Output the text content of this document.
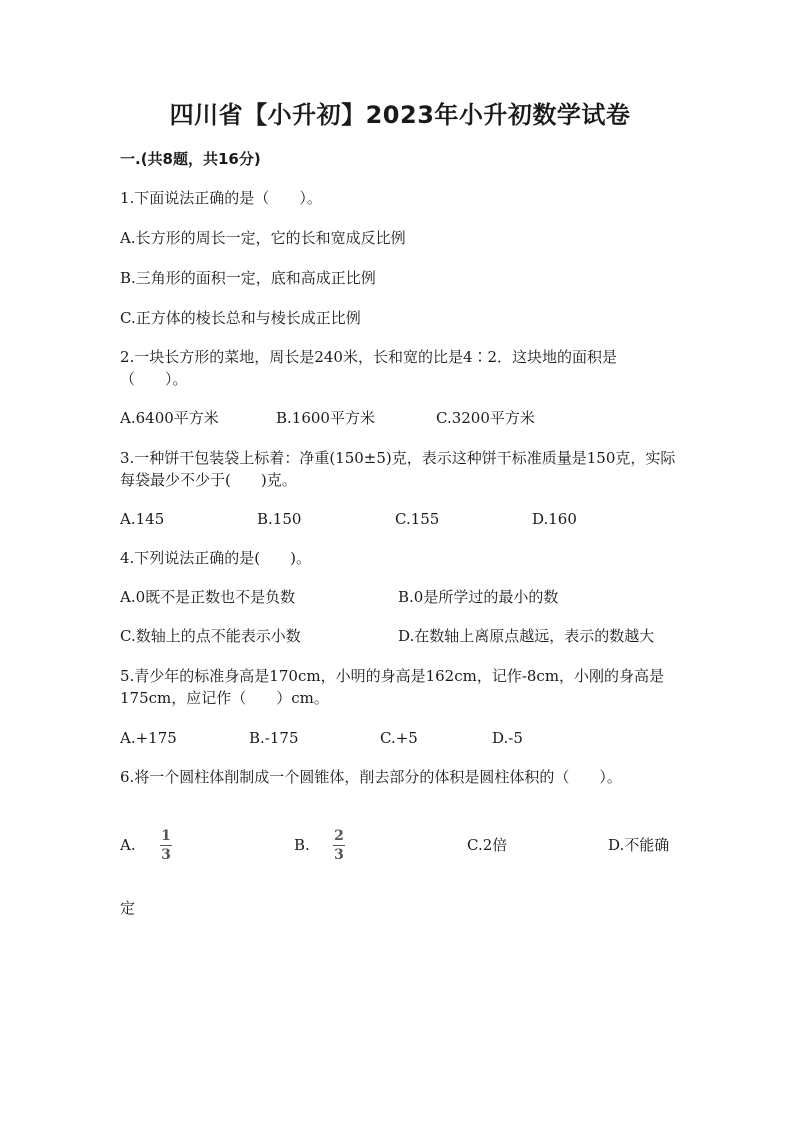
四川省【小升初】2023年小升初数学试卷
一.(共8题，共16分)
1.下面说法正确的是（　　）。
A.长方形的周长一定，它的长和宽成反比例
B.三角形的面积一定，底和高成正比例
C.正方体的棱长总和与棱长成正比例
2.一块长方形的菜地，周长是240米，长和宽的比是4∶2．这块地的面积是（　　）。
A.6400平方米	B.1600平方米	C.3200平方米
3.一种饼干包装袋上标着：净重(150±5)克，表示这种饼干标准质量是150克，实际每袋最少不少于(　　)克。
A.145	B.150	C.155	D.160
4.下列说法正确的是(　　)。
A.0既不是正数也不是负数	B.0是所学过的最小的数
C.数轴上的点不能表示小数	D.在数轴上离原点越远，表示的数越大
5.青少年的标准身高是170cm，小明的身高是162cm，记作-8cm，小刚的身高是175cm，应记作（　　）cm。
A.+175	B.-175	C.+5	D.-5
6.将一个圆柱体削制成一个圆锥体，削去部分的体积是圆柱体积的（　　）。
A. 1
3
B. 2
3
C.2倍	D.不能确
定
